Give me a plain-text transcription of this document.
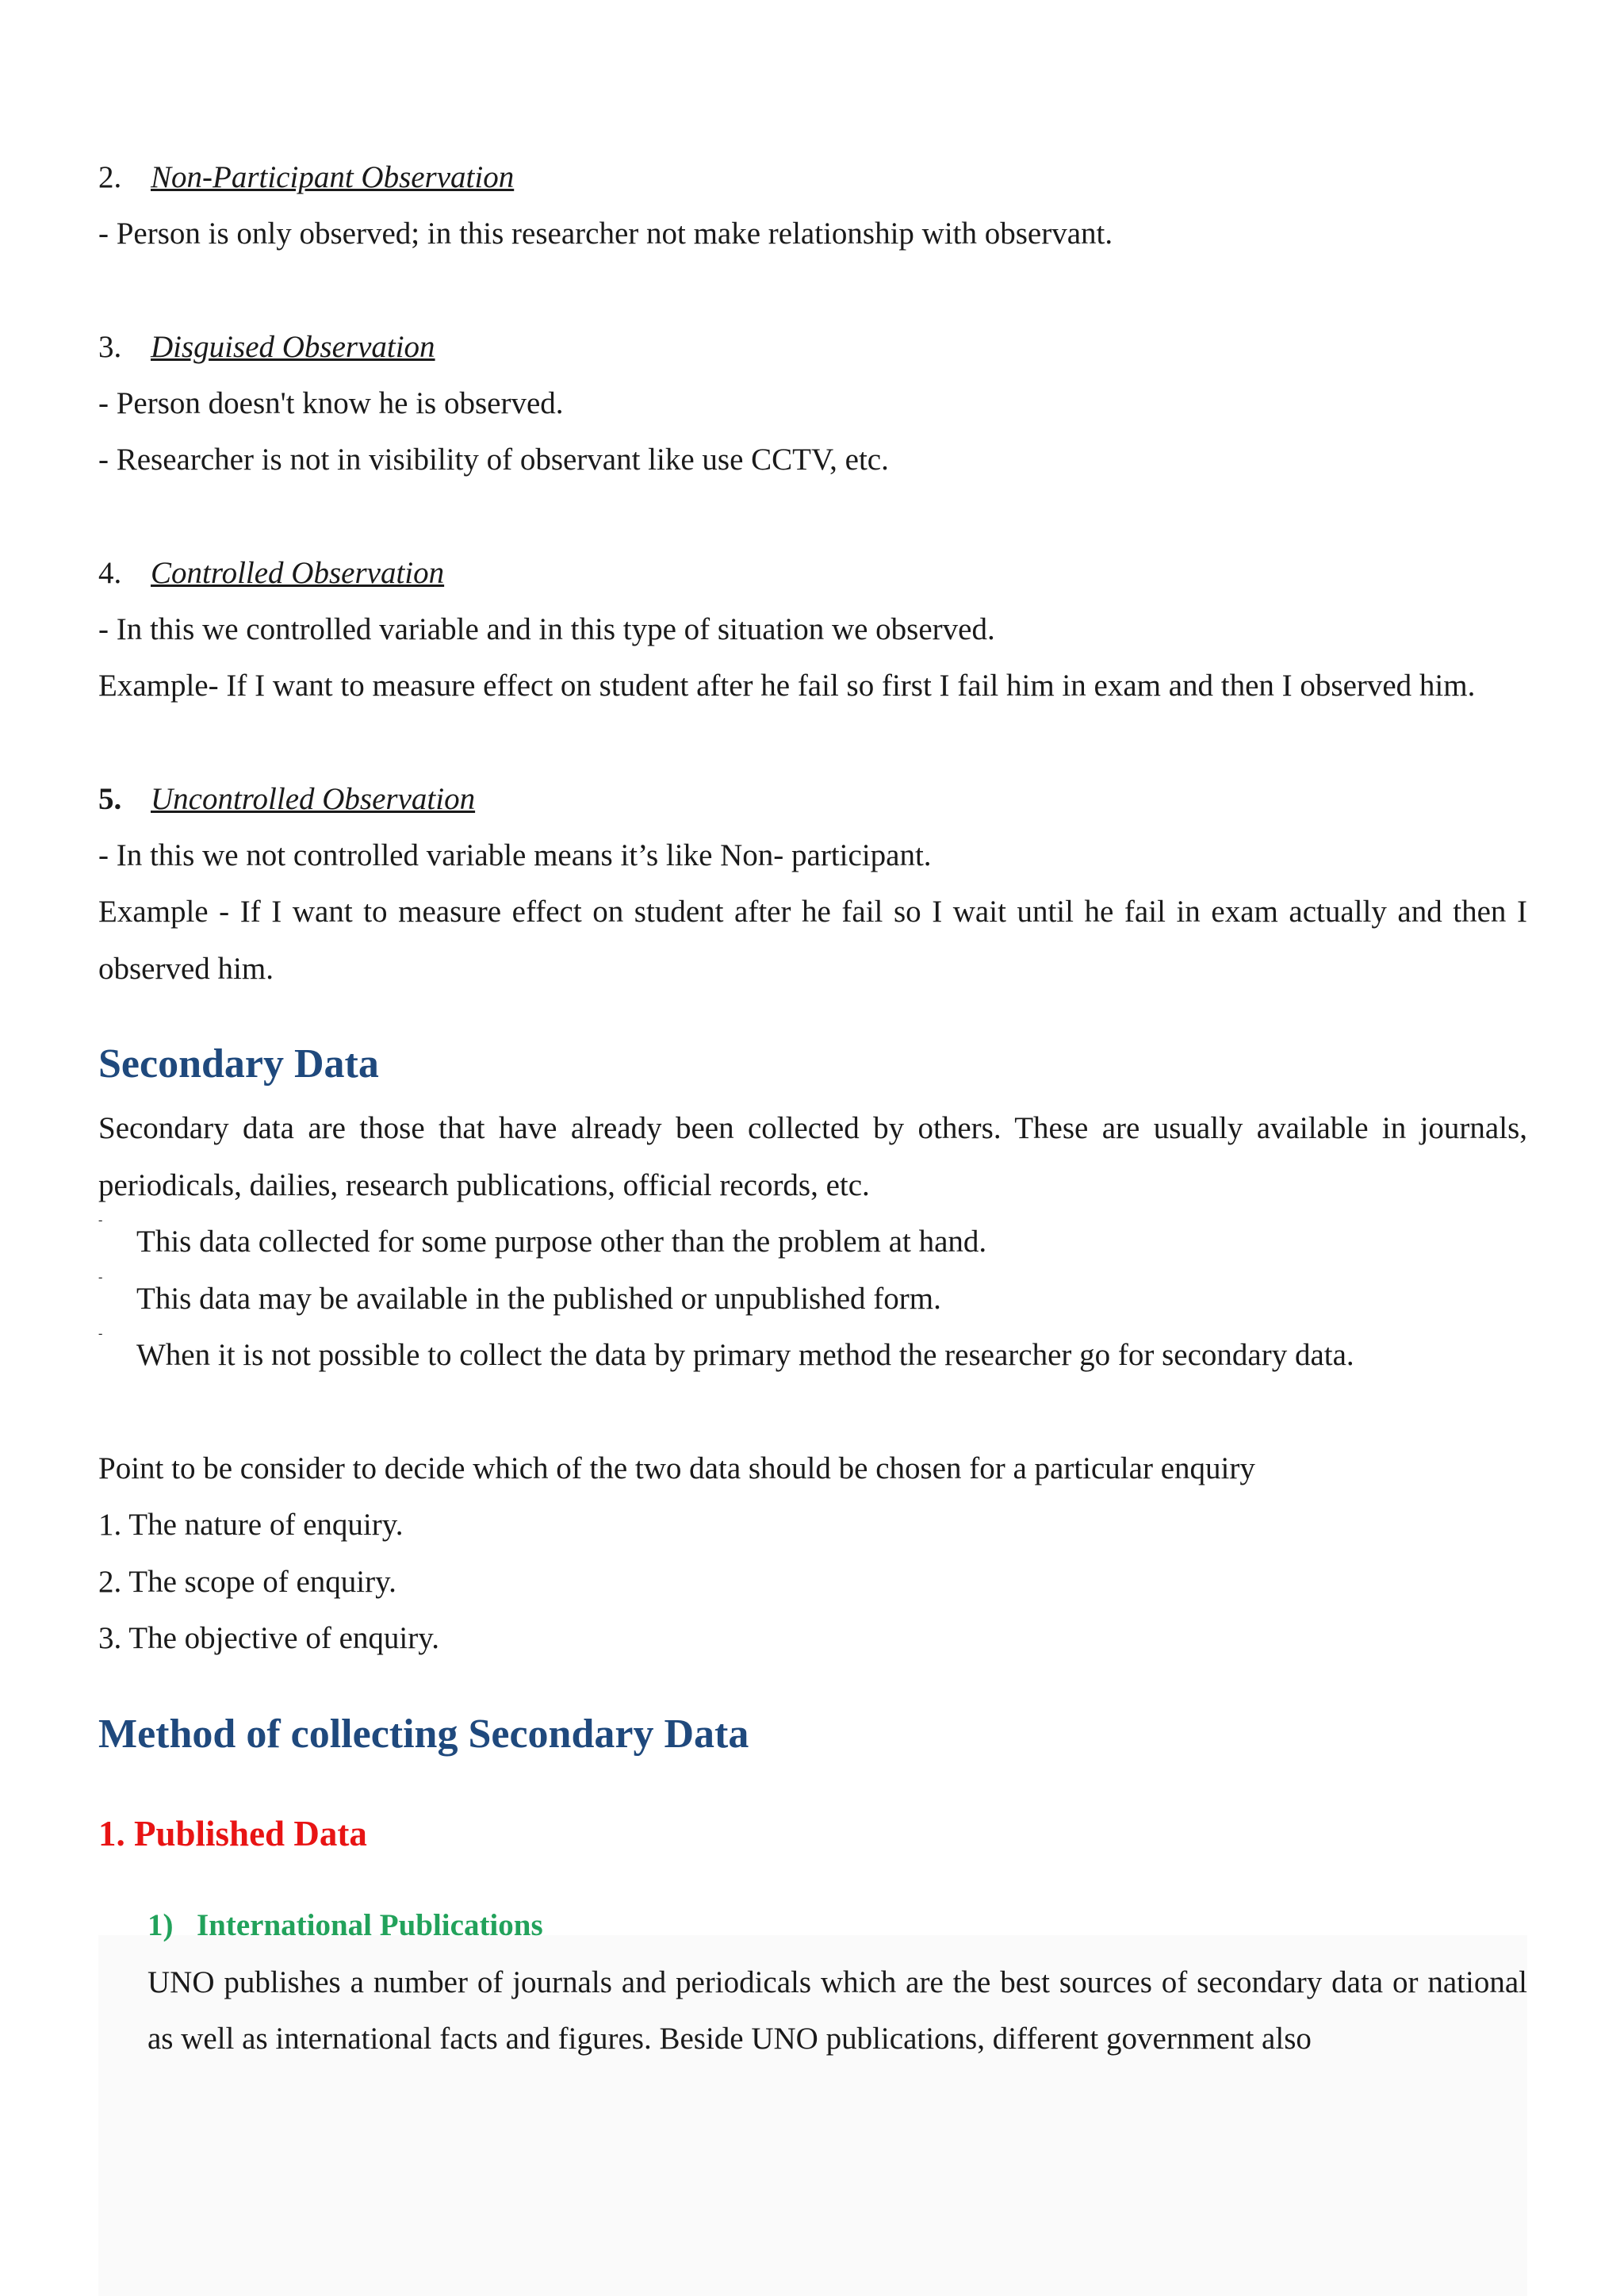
2. Non-Participant Observation

- Person is only observed; in this researcher not make relationship with observant.

3. Disguised Observation

- Person doesn't know he is observed.

- Researcher is not in visibility of observant like use CCTV, etc.

4. Controlled Observation

- In this we controlled variable and in this type of situation we observed.

Example- If I want to measure effect on student after he fail so first I fail him in exam and then I observed him.

5. Uncontrolled Observation

- In this we not controlled variable means it’s like Non- participant.

Example - If I want to measure effect on student after he fail so I wait until he fail in exam actually and then I observed him.

Secondary Data

Secondary data are those that have already been collected by others. These are usually available in journals, periodicals, dailies, research publications, official records, etc.

-

This data collected for some purpose other than the problem at hand.

-

This data may be available in the published or unpublished form.

-

When it is not possible to collect the data by primary method the researcher go for secondary data.

Point to be consider to decide which of the two data should be chosen for a particular enquiry

1. The nature of enquiry.

2. The scope of enquiry.

3. The objective of enquiry.

Method of collecting Secondary Data
1. Published Data
1) International Publications

UNO publishes a number of journals and periodicals which are the best sources of secondary data or national as well as international facts and figures. Beside UNO publications, different government also
